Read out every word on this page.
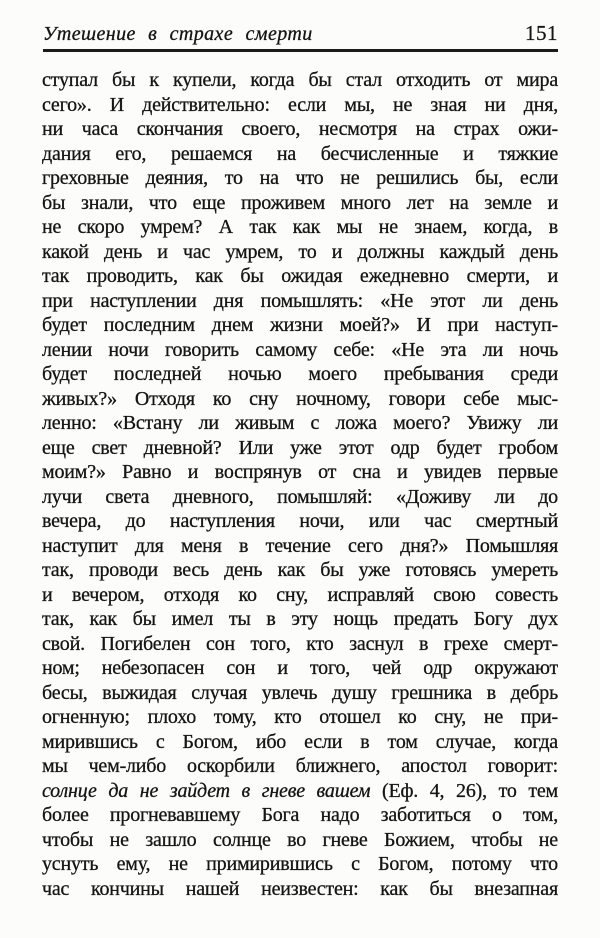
Утешение в страхе смерти	151
ступал бы к купели, когда бы стал отходить от мира
сего». И действительно: если мы, не зная ни дня,
ни часа скончания своего, несмотря на страх ожи-
дания его, решаемся на бесчисленные и тяжкие
греховные деяния, то на что не решились бы, если
бы знали, что еще проживем много лет на земле и
не скоро умрем? А так как мы не знаем, когда, в
какой день и час умрем, то и должны каждый день
так проводить, как бы ожидая ежедневно смерти, и
при наступлении дня помышлять: «Не этот ли день
будет последним днем жизни моей?» И при наступ-
лении ночи говорить самому себе: «Не эта ли ночь
будет последней ночью моего пребывания среди
живых?» Отходя ко сну ночному, говори себе мыс-
ленно: «Встану ли живым с ложа моего? Увижу ли
еще свет дневной? Или уже этот одр будет гробом
моим?» Равно и воспрянув от сна и увидев первые
лучи света дневного, помышляй: «Доживу ли до
вечера, до наступления ночи, или час смертный
наступит для меня в течение сего дня?» Помышляя
так, проводи весь день как бы уже готовясь умереть
и вечером, отходя ко сну, исправляй свою совесть
так, как бы имел ты в эту нощь предать Богу дух
свой. Погибелен сон того, кто заснул в грехе смерт-
ном; небезопасен сон и того, чей одр окружают
бесы, выжидая случая увлечь душу грешника в дебрь
огненную; плохо тому, кто отошел ко сну, не при-
мирившись с Богом, ибо если в том случае, когда
мы чем-либо оскорбили ближнего, апостол говорит:
солнце да не зайдет в гневе вашем (Еф. 4, 26), то тем
более прогневавшему Бога надо заботиться о том,
чтобы не зашло солнце во гневе Божием, чтобы не
уснуть ему, не примирившись с Богом, потому что
час кончины нашей неизвестен: как бы внезапная
